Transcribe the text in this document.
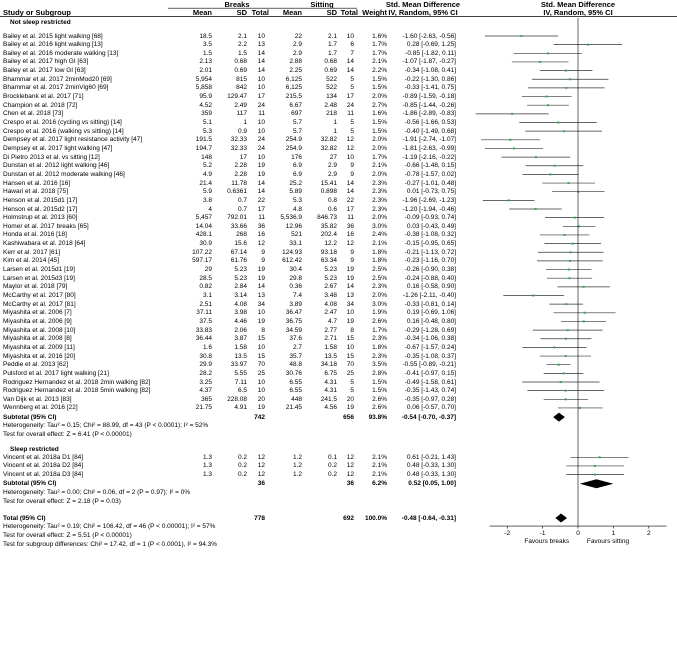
Breaks	Sitting	Std. Mean Difference
IV, Random, 95% CI
Std. Mean Difference
IV, Random, 95% CI
Study or Subgroup	Mean	SD Total Mean	SD Total Weight
Not sleep restricted
Bailey et al. 2015 light walking [68]	18.5	2.1 10	22	2.1 10	1.6% -1.60 [-2.63, -0.56]
Bailey et al. 2016 light walking [13]	3.5	2.2 13	2.9	1.7 6	1.7%	0.28 [-0.69, 1.25]
Bailey et al. 2016 moderate walking [13]	1.5	1.5 14	2.9	1.7 7	1.7%	-0.85 [-1.82, 0.11]
Bailey et al. 2017 high GI [63]	2.13	0.68 14	2.88	0.68 14	2.1% -1.07 [-1.87, -0.27]
Bailey et al. 2017 low GI [63]	2.01	0.69 14	2.25	0.69 14	2.2%	-0.34 [-1.08, 0.41]
Bhammar et al. 2017 2minMod20 [69]	5,954	815 10	6,125	522 5	1.5%	-0.22 [-1.30, 0.86]
Bhammar et al. 2017 2minVig60 [69]	5,858	842 10	6,125	522 5	1.5%	-0.33 [-1.41, 0.75]
Brocklebank et al. 2017 [71]	95.9 129.47 17	215.5	134 17	2.0% -0.89 [-1.59, -0.18]
Champion et al. 2018 [72]	4.52	2.49 24	6.67	2.48 24	2.7% -0.85 [-1.44, -0.26]
Chen et al. 2018 [73]	359	117 11	697	218 11	1.6% -1.86 [-2.89, -0.83]
Crespo et al. 2016 (cycling vs sitting) [14]	5.1	1 10	5.7	1 5	1.5%	-0.56 [-1.66, 0.53]
Crespo et al. 2016 (walking vs sitting) [14]	5.3	0.9 10	5.7	1 5	1.5%	-0.40 [-1.49, 0.68]
Dempsey et al. 2017 light resistance activity [47]	191.5	32.33 24	254.9	32.82 12	2.0% -1.91 [-2.74, -1.07]
Dempsey et al. 2017 light walking [47]	194.7	32.33 24	254.9	32.82 12	2.0% -1.81 [-2.63, -0.99]
Di Pietro 2013 et al. vs sitting [12]	148	17 10	176	27 10	1.7% -1.19 [-2.16, -0.22]
Dunstan et al. 2012 light walking [46]	5.2	2.28 19	6.9	2.9 9	2.1%	-0.66 [-1.48, 0.15]
Dunstan et al. 2012 moderate walking [46]	4.9	2.28 19	6.9	2.9 9	2.0%	-0.78 [-1.57, 0.02]
Hansen et al. 2016 [16]	21.4	11.78 14	25.2	15.41 14	2.3%	-0.27 [-1.01, 0.48]
Hawari et al. 2018 [75]	5.9 0.6361 14	5.89	0.898 14	2.3%	0.01 [-0.73, 0.75]
Henson et al. 2015d1 [17]	3.8	0.7 22	5.3	0.8 22	2.3% -1.96 [-2.69, -1.23]
Henson et al. 2015d2 [17]	4	0.7 17	4.8	0.6 17	2.3% -1.20 [-1.94, -0.46]
Holmstrup et al. 2013 [60]	5,457 792.01 11 5,536.9 846.73 11	2.0%	-0.09 [-0.93, 0.74]
Homer et al. 2017 breaks [65]	14.04	33.66 36	12.96	35.82 36	3.0%	0.03 [-0.43, 0.49]
Honda et al. 2016 [18]	428.1	268 16	521	202.4 16	2.4%	-0.38 [-1.08, 0.32]
Kashiwabara et al. 2018 [64]	30.9	15.6 12	33.1	12.2 12	2.1%	-0.15 [-0.95, 0.65]
Kerr et al. 2017 [61]	107.22	67.14 9	124.93	93.18 9	1.8%	-0.21 [-1.13, 0.72]
Kim et al. 2014 [45]	597.17	61.76 9	612.42	63.34 9	1.8%	-0.23 [-1.16, 0.70]
Larsen et al. 2015d1 [19]	29	5.23 19	30.4	5.23 19	2.5%	-0.26 [-0.90, 0.38]
Larsen et al. 2015d3 [19]	28.5	5.23 19	29.8	5.23 19	2.5%	-0.24 [-0.88, 0.40]
Maylor et al. 2018 [79]	0.82	2.84 14	0.36	2.67 14	2.3%	0.16 [-0.58, 0.90]
McCarthy et al. 2017 [80]	3.1	3.14 13	7.4	3.48 13	2.0% -1.26 [-2.11, -0.40]
McCarthy et al. 2017 [81]	2.51	4.08 34	3.89	4.08 34	3.0%	-0.33 [-0.81, 0.14]
Miyashita et al. 2006 [7]	37.11	3.98 10	36.47	2.47 10	1.9%	0.19 [-0.69, 1.06]
Miyashita et al. 2006 [9]	37.5	4.46 19	36.75	4.7 19	2.6%	0.16 [-0.48, 0.80]
Miyashita et al. 2008 [10]	33.83	2.06 8	34.59	2.77 8	1.7%	-0.29 [-1.28, 0.69]
Miyashita et al. 2008 [8]	36.44	3.87 15	37.6	2.71 15	2.3%	-0.34 [-1.06, 0.38]
Miyashita et al. 2009 [11]	1.6	1.58 10	2.7	1.58 10	1.8%	-0.67 [-1.57, 0.24]
Miyashita et al. 2016 [20]	30.8	13.5 15	35.7	13.5 15	2.3%	-0.35 [-1.08, 0.37]
Peddie et al. 2013 [62]	29.9	33.97 70	48.8	34.18 70	3.5% -0.55 [-0.89, -0.21]
Pulsford et al. 2017 light walking [21]	28.2	5.55 25	30.76	6.75 25	2.8%	-0.41 [-0.97, 0.15]
Rodriguez Hernandez et al. 2018 2min walking [82]	3.25	7.11 10	6.55	4.31 5	1.5%	-0.49 [-1.58, 0.61]
Rodriguez Hernandez et al. 2018 5min walking [82]	4.37	6.5 10	6.55	4.31 5	1.5%	-0.35 [-1.43, 0.74]
Van Dijk et al. 2013 [83]	365 228.08 20	448	241.5 20	2.6%	-0.35 [-0.97, 0.28]
Wennberg et al. 2016 [22]	21.75	4.91 19	21.45	4.56 19	2.6%	0.06 [-0.57, 0.70]
Subtotal (95% CI)	742	656 93.8% -0.54 [-0.70, -0.37]
Heterogeneity: Tau² = 0.15; Chi² = 88.99, df = 43 (P < 0.0001); I² = 52%
Test for overall effect: Z = 6.41 (P < 0.00001)
Sleep restricted
Vincent et al. 2018a D1 [84]	1.3	0.2 12	1.2	0.1 12	2.1%	0.61 [-0.21, 1.43]
Vincent et al. 2018a D2 [84]	1.3	0.2 12	1.2	0.2 12	2.1%	0.48 [-0.33, 1.30]
Vincent et al. 2018a D3 [84]	1.3	0.2 12	1.2	0.2 12	2.1%	0.48 [-0.33, 1.30]
Subtotal (95% CI)	36	36	6.2%	0.52 [0.05, 1.00]
Heterogeneity: Tau² = 0.00; Chi² = 0.06, df = 2 (P = 0.97); I² = 0%
Test for overall effect: Z = 2.18 (P = 0.03)
Total (95% CI)	778	692 100.0% -0.48 [-0.64, -0.31]
Heterogeneity: Tau² = 0.19; Chi² = 106.42, df = 46 (P < 0.00001); I² = 57%
Test for overall effect: Z = 5.51 (P < 0.00001)
Test for subgroup differences: Chi² = 17.42, df = 1 (P < 0.0001), I² = 94.3%
-2	-1	0	1	2
Favours breaks	Favours sitting
